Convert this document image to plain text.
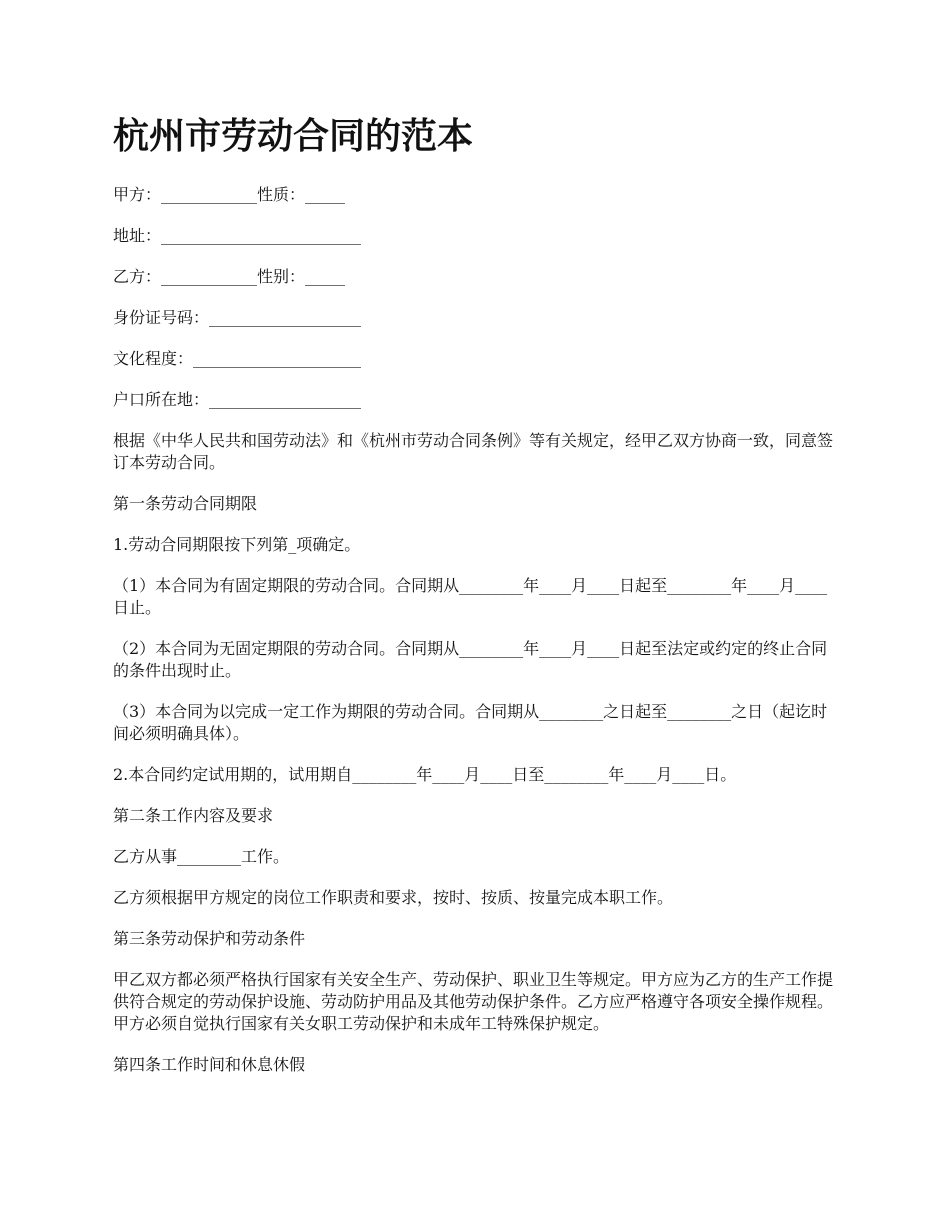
杭州市劳动合同的范本
甲方：____________性质：_____
地址：_________________________
乙方：____________性别：_____
身份证号码：___________________
文化程度：_____________________
户口所在地：___________________

根据《中华人民共和国劳动法》和《杭州市劳动合同条例》等有关规定，经甲乙双方协商一致，同意签订本劳动合同。

第一条劳动合同期限

1.劳动合同期限按下列第_项确定。

（1）本合同为有固定期限的劳动合同。合同期从________年____月____日起至________年____月____日止。

（2）本合同为无固定期限的劳动合同。合同期从________年____月____日起至法定或约定的终止合同的条件出现时止。

（3）本合同为以完成一定工作为期限的劳动合同。合同期从________之日起至________之日（起讫时间必须明确具体）。

2.本合同约定试用期的，试用期自________年____月____日至________年____月____日。

第二条工作内容及要求

乙方从事________工作。

乙方须根据甲方规定的岗位工作职责和要求，按时、按质、按量完成本职工作。

第三条劳动保护和劳动条件

甲乙双方都必须严格执行国家有关安全生产、劳动保护、职业卫生等规定。甲方应为乙方的生产工作提供符合规定的劳动保护设施、劳动防护用品及其他劳动保护条件。乙方应严格遵守各项安全操作规程。甲方必须自觉执行国家有关女职工劳动保护和未成年工特殊保护规定。

第四条工作时间和休息休假
